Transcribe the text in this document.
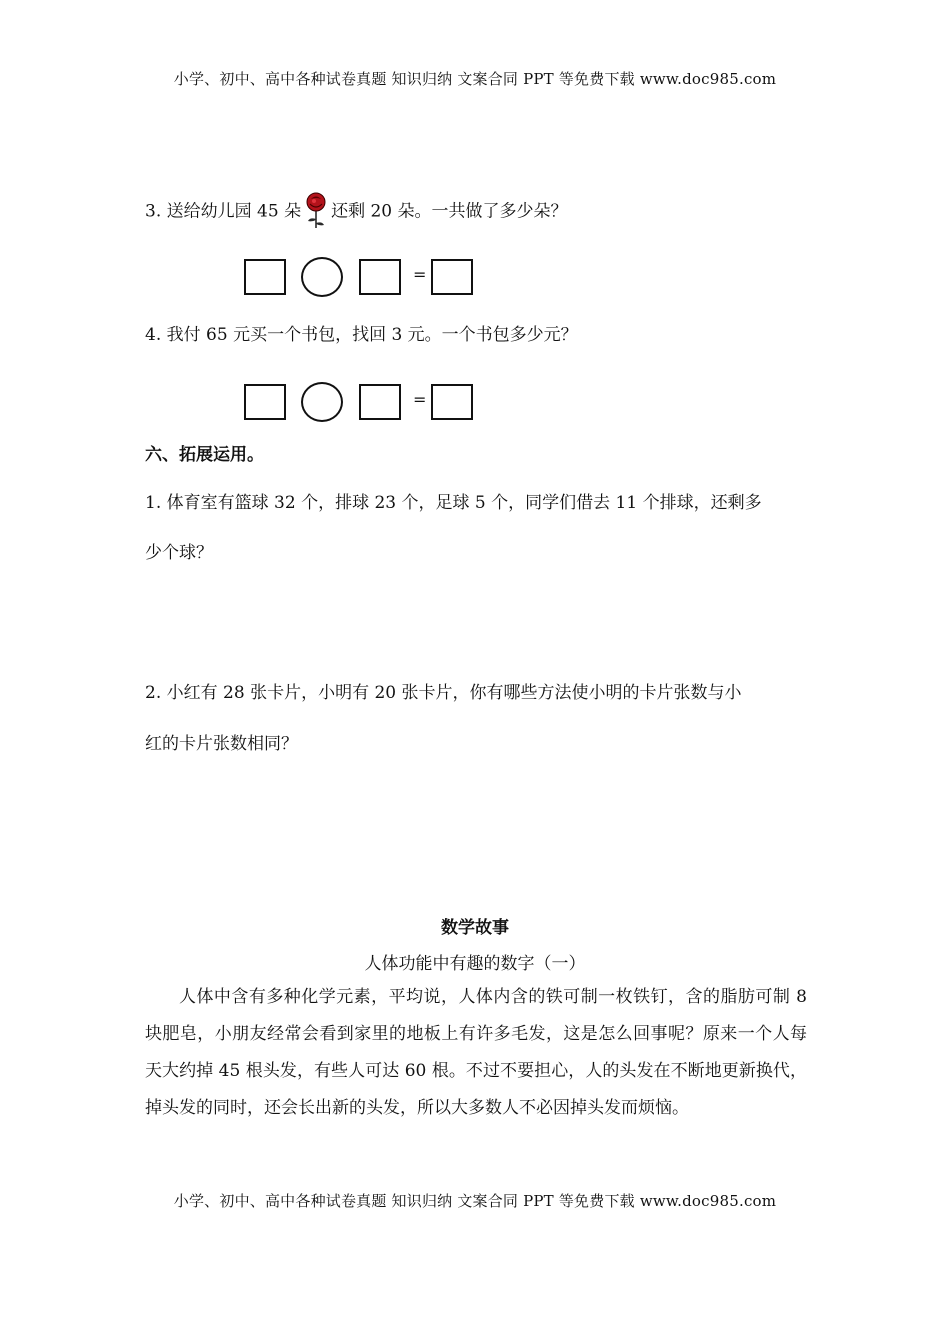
小学、初中、高中各种试卷真题 知识归纳 文案合同 PPT 等免费下载 www.doc985.com
3. 送给幼儿园 45 朵 还剩 20 朵。一共做了多少朵？
=
4. 我付 65 元买一个书包，找回 3 元。一个书包多少元？
=
六、拓展运用。
1. 体育室有篮球 32 个，排球 23 个，足球 5 个，同学们借去 11 个排球，还剩多
少个球？
2. 小红有 28 张卡片，小明有 20 张卡片，你有哪些方法使小明的卡片张数与小
红的卡片张数相同？
数学故事
人体功能中有趣的数字（一）
人体中含有多种化学元素，平均说，人体内含的铁可制一枚铁钉，含的脂肪可制 8 块肥皂，小朋友经常会看到家里的地板上有许多毛发，这是怎么回事呢？原来一个人每天大约掉 45 根头发，有些人可达 60 根。不过不要担心，人的头发在不断地更新换代，掉头发的同时，还会长出新的头发，所以大多数人不必因掉头发而烦恼。
小学、初中、高中各种试卷真题 知识归纳 文案合同 PPT 等免费下载 www.doc985.com
